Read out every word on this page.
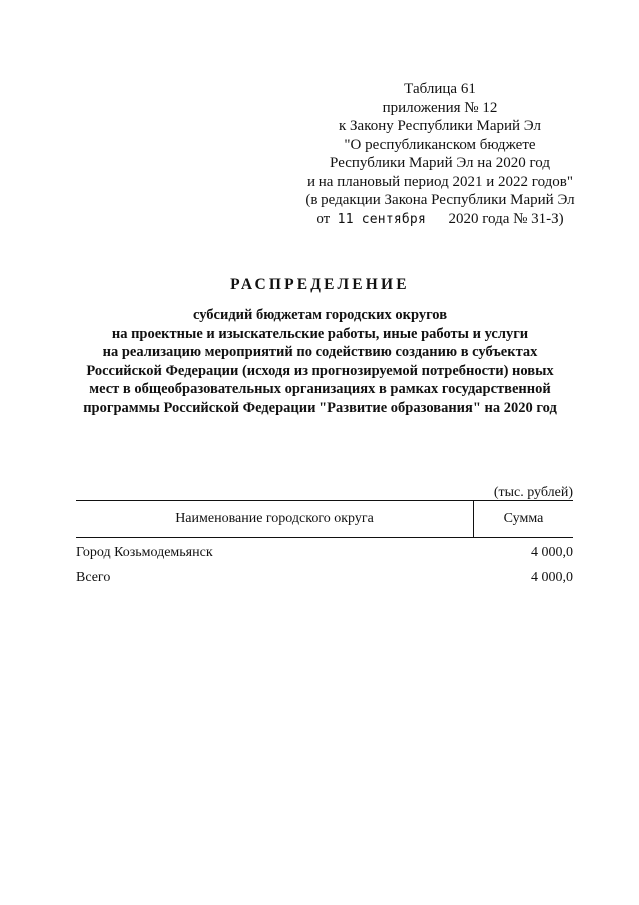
Таблица 61
приложения № 12
к Закону Республики Марий Эл
"О республиканском бюджете
Республики Марий Эл на 2020 год
и на плановый период 2021 и 2022 годов"
(в редакции Закона Республики Марий Эл
от 11 сентября 2020 года № 31-З)
РАСПРЕДЕЛЕНИЕ
субсидий бюджетам городских округов
на проектные и изыскательские работы, иные работы и услуги
на реализацию мероприятий по содействию созданию в субъектах
Российской Федерации (исходя из прогнозируемой потребности) новых
мест в общеобразовательных организациях в рамках государственной
программы Российской Федерации "Развитие образования" на 2020 год
(тыс. рублей)
Наименование городского округа	Сумма
Город Козьмодемьянск	4 000,0
Всего	4 000,0
